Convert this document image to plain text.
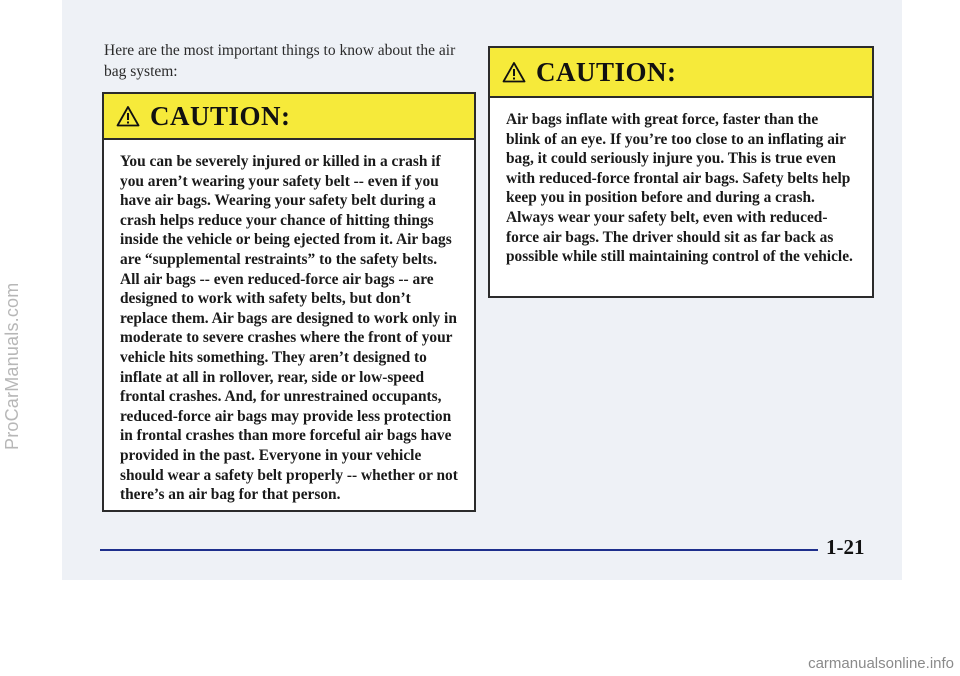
ProCarManuals.com
Here are the most important things to know about the air bag system:
CAUTION:
You can be severely injured or killed in a crash if you aren’t wearing your safety belt -- even if you have air bags. Wearing your safety belt during a crash helps reduce your chance of hitting things inside the vehicle or being ejected from it. Air bags are “supplemental restraints” to the safety belts. All air bags -- even reduced-force air bags -- are designed to work with safety belts, but don’t replace them. Air bags are designed to work only in moderate to severe crashes where the front of your vehicle hits something. They aren’t designed to inflate at all in rollover, rear, side or low-speed frontal crashes. And, for unrestrained occupants, reduced-force air bags may provide less protection in frontal crashes than more forceful air bags have provided in the past. Everyone in your vehicle should wear a safety belt properly -- whether or not there’s an air bag for that person.
CAUTION:
Air bags inflate with great force, faster than the blink of an eye. If you’re too close to an inflating air bag, it could seriously injure you. This is true even with reduced-force frontal air bags. Safety belts help keep you in position before and during a crash. Always wear your safety belt, even with reduced-force air bags. The driver should sit as far back as possible while still maintaining control of the vehicle.
1-21
carmanualsonline.info
